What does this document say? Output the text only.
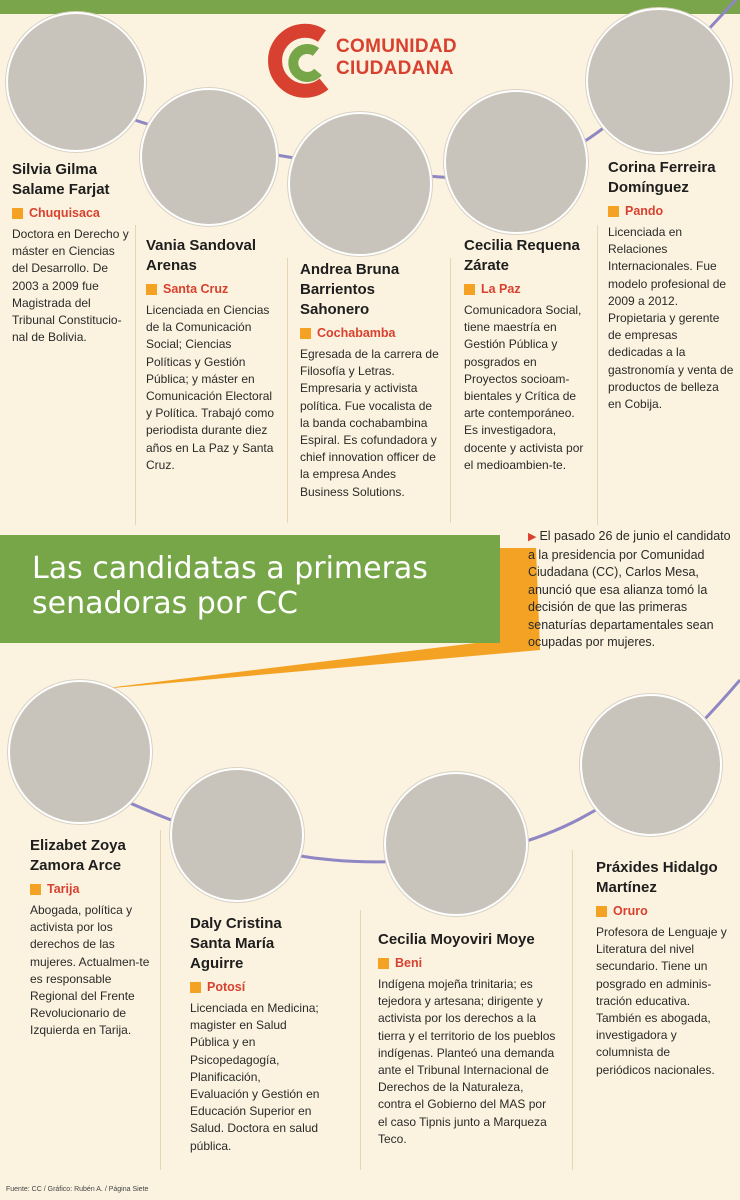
COMUNIDAD
CIUDADANA
Silvia Gilma
Salame Farjat
Chuquisaca
Doctora en Derecho y máster en Ciencias del Desarrollo. De 2003 a 2009 fue Magistrada del Tribunal Constitucio-nal de Bolivia.
Vania Sandoval
Arenas
Santa Cruz
Licenciada en Ciencias de la Comunicación Social; Ciencias Políticas y Gestión Pública; y máster en Comunicación Electoral y Política. Trabajó como periodista durante diez años en La Paz y Santa Cruz.
Andrea Bruna
Barrientos Sahonero
Cochabamba
Egresada de la carrera de Filosofía y Letras. Empresaria y activista política. Fue vocalista de la banda cochabambina Espiral. Es cofundadora y chief innovation officer de la empresa Andes Business Solutions.
Cecilia Requena
Zárate
La Paz
Comunicadora Social, tiene maestría en Gestión Pública y posgrados en Proyectos socioam-bientales y Crítica de arte contemporáneo. Es investigadora, docente y activista por el medioambien-te.
Corina Ferreira
Domínguez
Pando
Licenciada en Relaciones Internacionales. Fue modelo profesional de 2009 a 2012. Propietaria y gerente de empresas dedicadas a la gastronomía y venta de productos de belleza en Cobija.
Las candidatas a primeras
senadoras por CC
▶ El pasado 26 de junio el candidato a la presidencia por Comunidad Ciudadana (CC), Carlos Mesa, anunció que esa alianza tomó la decisión de que las primeras senaturías departamentales sean ocupadas por mujeres.
Elizabet Zoya
Zamora Arce
Tarija
Abogada, política y activista por los derechos de las mujeres. Actualmen-te es responsable Regional del Frente Revolucionario de Izquierda en Tarija.
Daly Cristina
Santa María
Aguirre
Potosí
Licenciada en Medicina; magister en Salud Pública y en Psicopedagogía, Planificación, Evaluación y Gestión en Educación Superior en Salud. Doctora en salud pública.
Cecilia Moyoviri Moye
Beni
Indígena mojeña trinitaria; es tejedora y artesana; dirigente y activista por los derechos a la tierra y el territorio de los pueblos indígenas. Planteó una demanda ante el Tribunal Internacional de Derechos de la Naturaleza, contra el Gobierno del MAS por el caso Tipnis junto a Marqueza Teco.
Práxides Hidalgo
Martínez
Oruro
Profesora de Lenguaje y Literatura del nivel secundario. Tiene un posgrado en adminis-tración educativa. También es abogada, investigadora y columnista de periódicos nacionales.
Fuente: CC / Gráfico: Rubén A. / Página Siete
